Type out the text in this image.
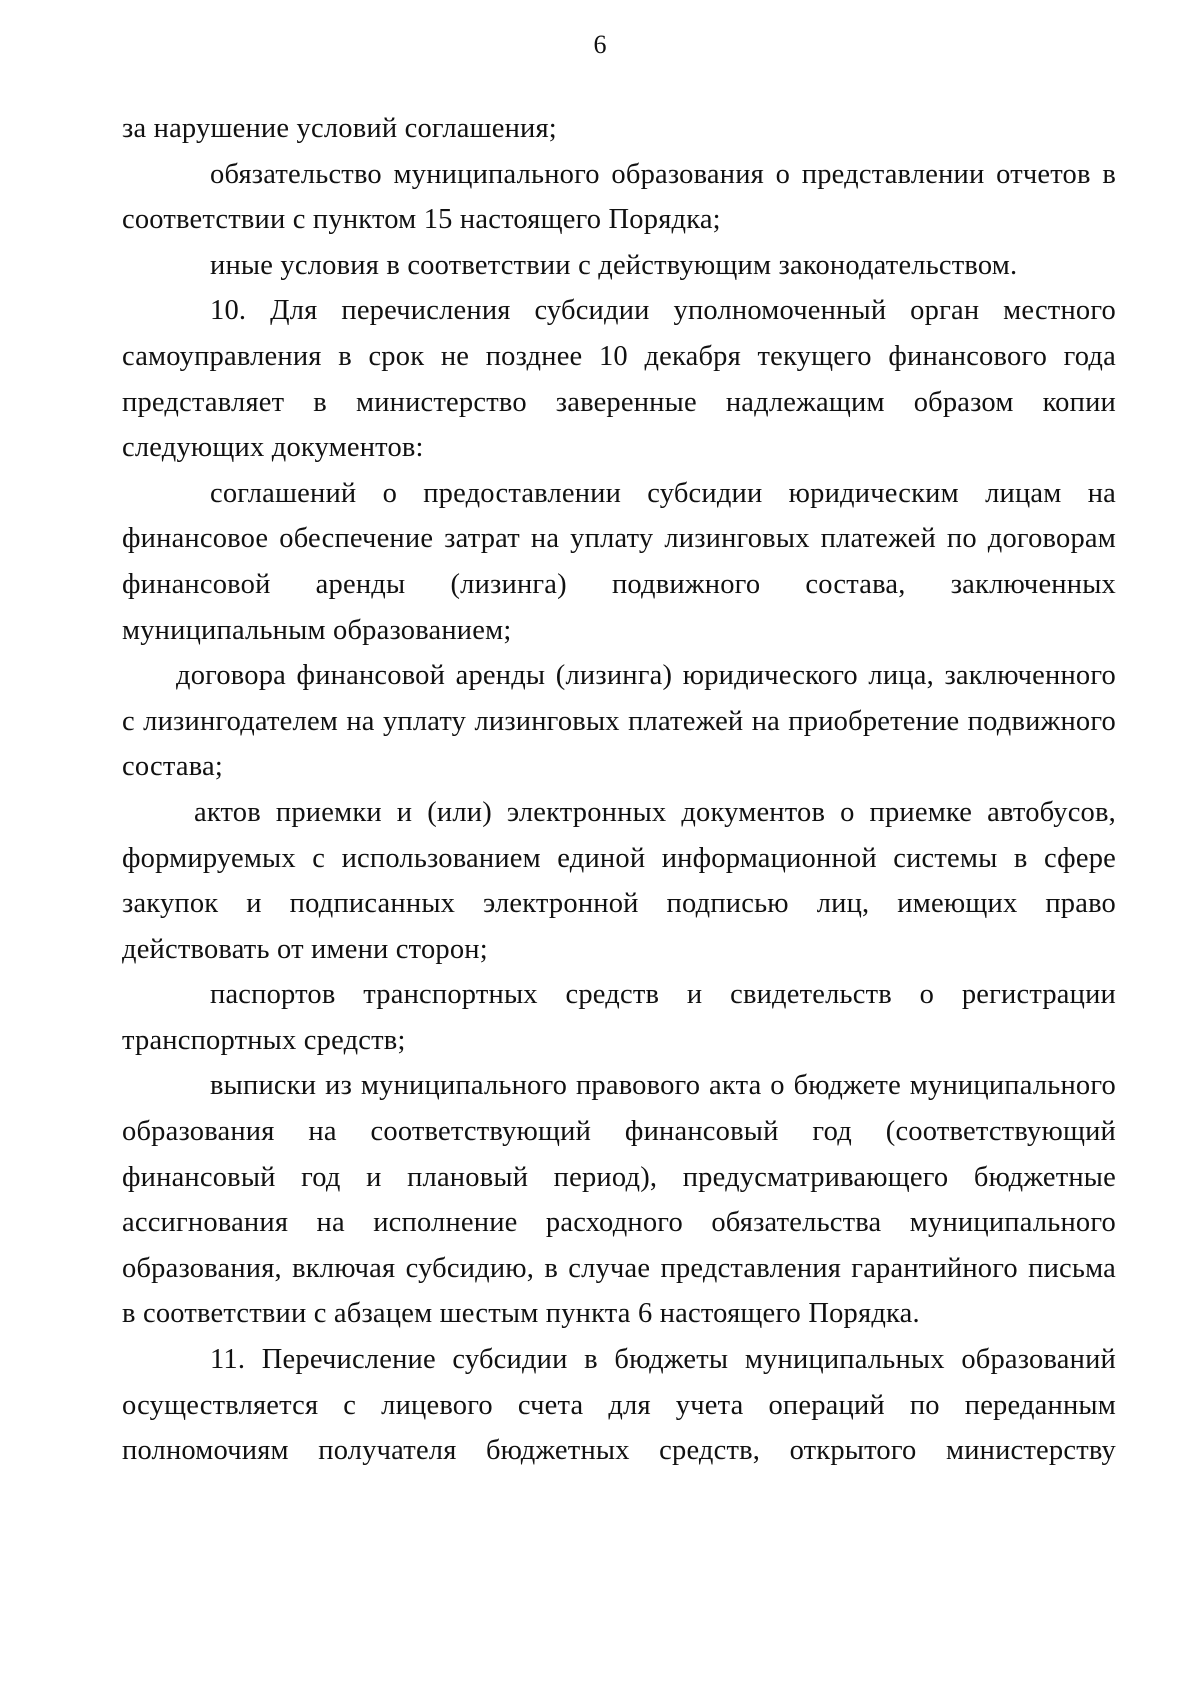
6

за нарушение условий соглашения;

обязательство муниципального образования о представлении отчетов в соответствии с пунктом 15 настоящего Порядка;

иные условия в соответствии с действующим законодательством.

10. Для перечисления субсидии уполномоченный орган местного самоуправления в срок не позднее 10 декабря текущего финансового года представляет в министерство заверенные надлежащим образом копии следующих документов:

соглашений о предоставлении субсидии юридическим лицам на финансовое обеспечение затрат на уплату лизинговых платежей по договорам финансовой аренды (лизинга) подвижного состава, заключенных муниципальным образованием;

договора финансовой аренды (лизинга) юридического лица, заключенного с лизингодателем на уплату лизинговых платежей на приобретение подвижного состава;

актов приемки и (или) электронных документов о приемке автобусов, формируемых с использованием единой информационной системы в сфере закупок и подписанных электронной подписью лиц, имеющих право действовать от имени сторон;

паспортов транспортных средств и свидетельств о регистрации транспортных средств;

выписки из муниципального правового акта о бюджете муниципального образования на соответствующий финансовый год (соответствующий финансовый год и плановый период), предусматривающего бюджетные ассигнования на исполнение расходного обязательства муниципального образования, включая субсидию, в случае представления гарантийного письма в соответствии с абзацем шестым пункта 6 настоящего Порядка.

11. Перечисление субсидии в бюджеты муниципальных образований осуществляется с лицевого счета для учета операций по переданным полномочиям получателя бюджетных средств, открытого министерству
